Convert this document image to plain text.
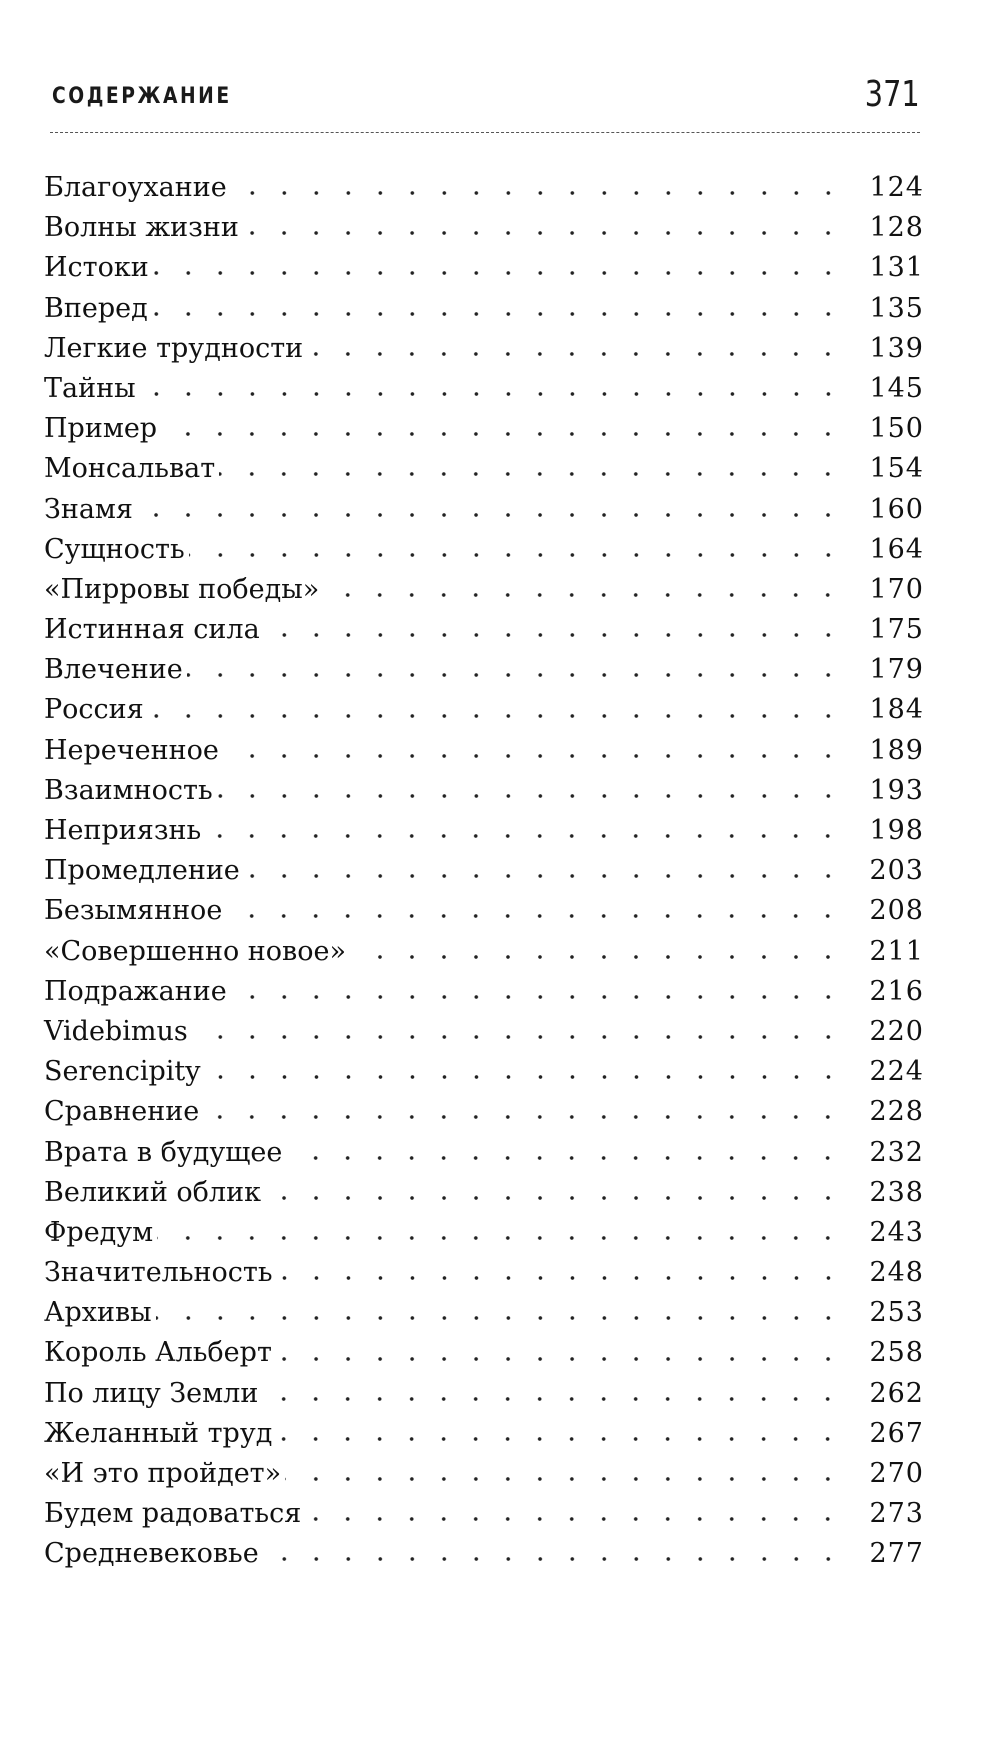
СОДЕРЖАНИЕ	371
Благоухание	124
Волны жизни	128
Истоки	131
Вперед	135
Легкие трудности	139
Тайны	145
Пример	150
Монсальват	154
Знамя	160
Сущность	164
«Пирровы победы»	170
Истинная сила	175
Влечение	179
Россия	184
Нереченное	189
Взаимность	193
Неприязнь	198
Промедление	203
Безымянное	208
«Совершенно новое»	211
Подражание	216
Videbimus	220
Serencipity	224
Сравнение	228
Врата в будущее	232
Великий облик	238
Фредум	243
Значительность	248
Архивы	253
Король Альберт	258
По лицу Земли	262
Желанный труд	267
«И это пройдет»	270
Будем радоваться	273
Средневековье	277
